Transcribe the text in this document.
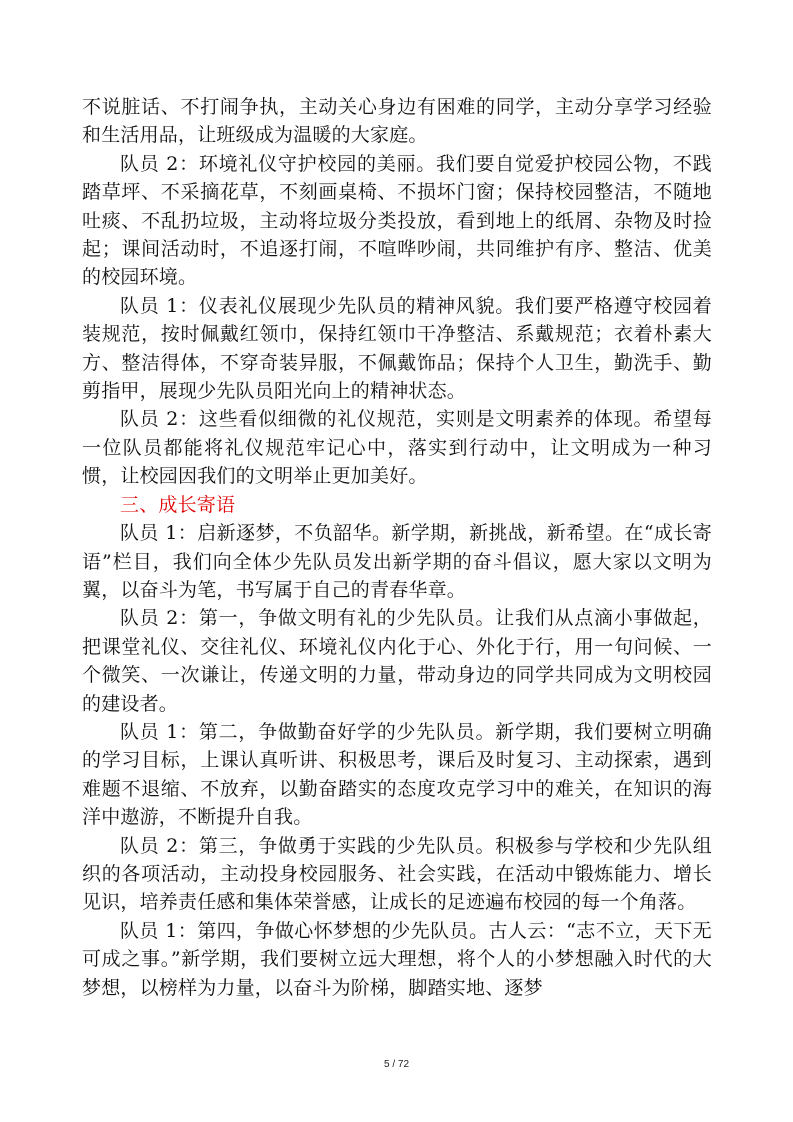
不说脏话、不打闹争执，主动关心身边有困难的同学，主动分享学习经验和生活用品，让班级成为温暖的大家庭。

队员 2：环境礼仪守护校园的美丽。我们要自觉爱护校园公物，不践踏草坪、不采摘花草，不刻画桌椅、不损坏门窗；保持校园整洁，不随地吐痰、不乱扔垃圾，主动将垃圾分类投放，看到地上的纸屑、杂物及时捡起；课间活动时，不追逐打闹，不喧哗吵闹，共同维护有序、整洁、优美的校园环境。

队员 1：仪表礼仪展现少先队员的精神风貌。我们要严格遵守校园着装规范，按时佩戴红领巾，保持红领巾干净整洁、系戴规范；衣着朴素大方、整洁得体，不穿奇装异服，不佩戴饰品；保持个人卫生，勤洗手、勤剪指甲，展现少先队员阳光向上的精神状态。

队员 2：这些看似细微的礼仪规范，实则是文明素养的体现。希望每一位队员都能将礼仪规范牢记心中，落实到行动中，让文明成为一种习惯，让校园因我们的文明举止更加美好。

三、成长寄语

队员 1：启新逐梦，不负韶华。新学期，新挑战，新希望。在“成长寄语”栏目，我们向全体少先队员发出新学期的奋斗倡议，愿大家以文明为翼，以奋斗为笔，书写属于自己的青春华章。

队员 2：第一，争做文明有礼的少先队员。让我们从点滴小事做起，把课堂礼仪、交往礼仪、环境礼仪内化于心、外化于行，用一句问候、一个微笑、一次谦让，传递文明的力量，带动身边的同学共同成为文明校园的建设者。

队员 1：第二，争做勤奋好学的少先队员。新学期，我们要树立明确的学习目标，上课认真听讲、积极思考，课后及时复习、主动探索，遇到难题不退缩、不放弃，以勤奋踏实的态度攻克学习中的难关，在知识的海洋中遨游，不断提升自我。

队员 2：第三，争做勇于实践的少先队员。积极参与学校和少先队组织的各项活动，主动投身校园服务、社会实践，在活动中锻炼能力、增长见识，培养责任感和集体荣誉感，让成长的足迹遍布校园的每一个角落。

队员 1：第四，争做心怀梦想的少先队员。古人云：“志不立，天下无可成之事。”新学期，我们要树立远大理想，将个人的小梦想融入时代的大梦想，以榜样为力量，以奋斗为阶梯，脚踏实地、逐梦

5 / 72
